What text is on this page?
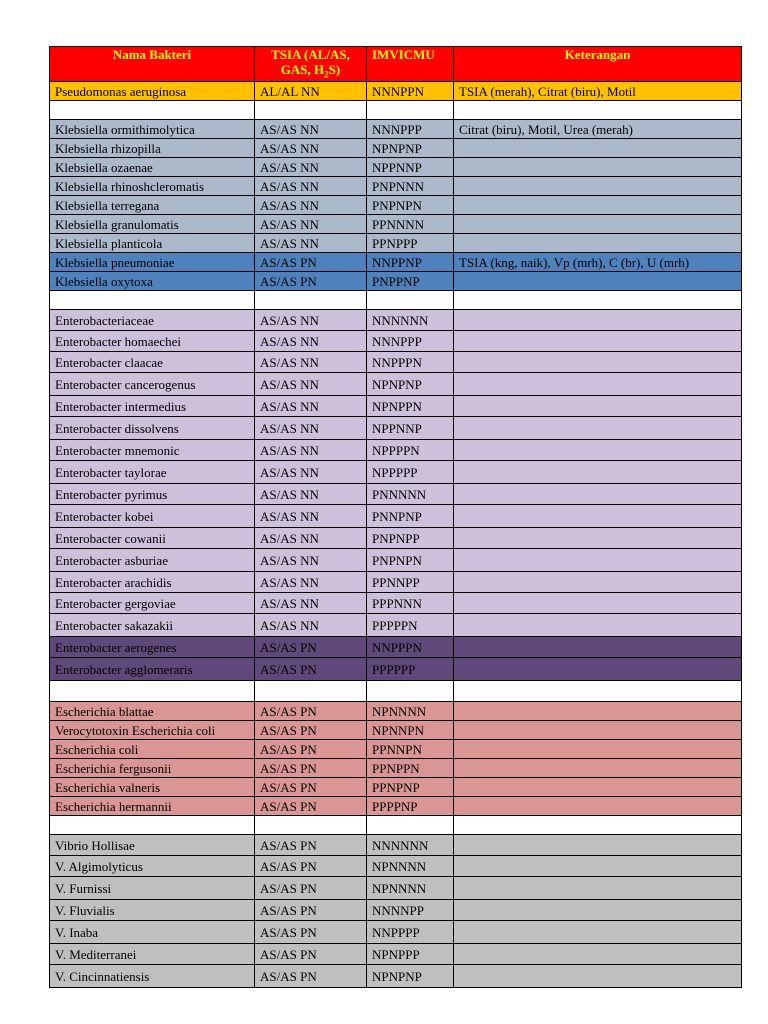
Nama Bakteri	TSIA (AL/AS, GAS, $H_2S$)	IMVICMU	Keterangan
Pseudomonas aeruginosa	AL/AL NN	NNNPPN	TSIA (merah), Citrat (biru), Motil

Klebsiella ormithimolytica	AS/AS NN	NNNPPP	Citrat (biru), Motil, Urea (merah)
Klebsiella rhizopilla	AS/AS NN	NPNPNP	
Klebsiella ozaenae	AS/AS NN	NPPNNP	
Klebsiella rhinoshcleromatis	AS/AS NN	PNPNNN	
Klebsiella terregana	AS/AS NN	PNPNPN	
Klebsiella granulomatis	AS/AS NN	PPNNNN	
Klebsiella planticola	AS/AS NN	PPNPPP	
Klebsiella pneumoniae	AS/AS PN	NNPPNP	TSIA (kng, naik), Vp (mrh), C (br), U (mrh)
Klebsiella oxytoxa	AS/AS PN	PNPPNP	

Enterobacteriaceae	AS/AS NN	NNNNNN	
Enterobacter homaechei	AS/AS NN	NNNPPP	
Enterobacter claacae	AS/AS NN	NNPPPN	
Enterobacter cancerogenus	AS/AS NN	NPNPNP	
Enterobacter intermedius	AS/AS NN	NPNPPN	
Enterobacter dissolvens	AS/AS NN	NPPNNP	
Enterobacter mnemonic	AS/AS NN	NPPPPN	
Enterobacter taylorae	AS/AS NN	NPPPPP	
Enterobacter pyrimus	AS/AS NN	PNNNNN	
Enterobacter kobei	AS/AS NN	PNNPNP	
Enterobacter cowanii	AS/AS NN	PNPNPP	
Enterobacter asburiae	AS/AS NN	PNPNPN	
Enterobacter arachidis	AS/AS NN	PPNNPP	
Enterobacter gergoviae	AS/AS NN	PPPNNN	
Enterobacter sakazakii	AS/AS NN	PPPPPN	
Enterobacter aerogenes	AS/AS PN	NNPPPN	
Enterobacter agglomeraris	AS/AS PN	PPPPPP	

Escherichia blattae	AS/AS PN	NPNNNN	
Verocytotoxin Escherichia coli	AS/AS PN	NPNNPN	
Escherichia coli	AS/AS PN	PPNNPN	
Escherichia fergusonii	AS/AS PN	PPNPPN	
Escherichia valneris	AS/AS PN	PPNPNP	
Escherichia hermannii	AS/AS PN	PPPPNP	

Vibrio Hollisae	AS/AS PN	NNNNNN	
V. Algimolyticus	AS/AS PN	NPNNNN	
V. Furnissi	AS/AS PN	NPNNNN	
V. Fluvialis	AS/AS PN	NNNNPP	
V. Inaba	AS/AS PN	NNPPPP	
V. Mediterranei	AS/AS PN	NPNPPP	
V. Cincinnatiensis	AS/AS PN	NPNPNP	
